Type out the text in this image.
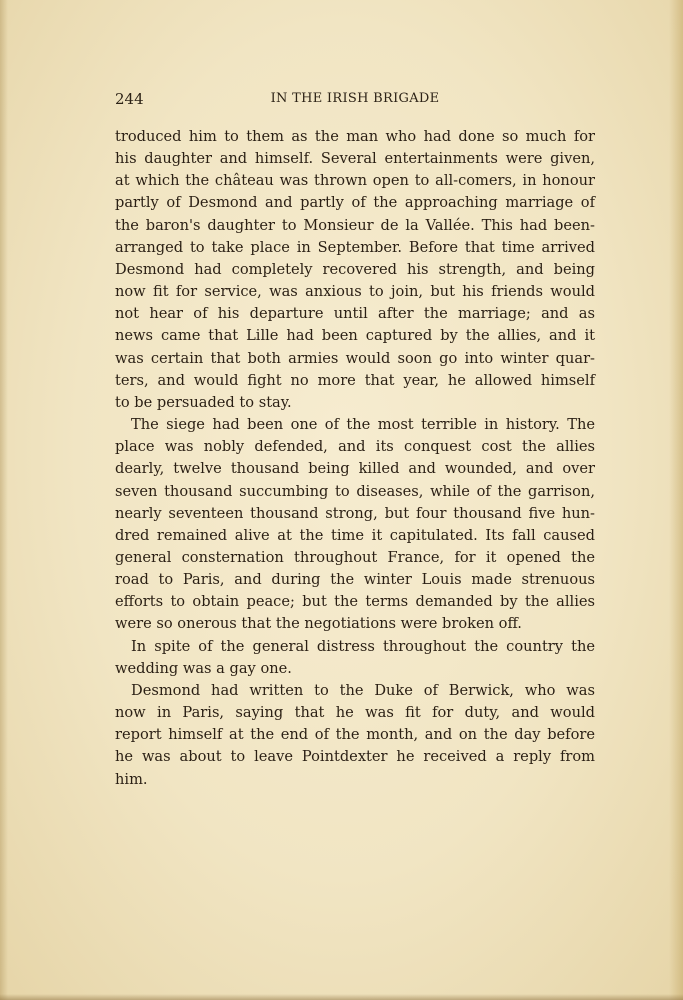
244	IN THE IRISH BRIGADE

troduced him to them as the man who had done so much for

his daughter and himself. Several entertainments were given,

at which the château was thrown open to all-comers, in honour

partly of Desmond and partly of the approaching marriage of

the baron's daughter to Monsieur de la Vallée. This had been-

arranged to take place in September. Before that time arrived

Desmond had completely recovered his strength, and being

now fit for service, was anxious to join, but his friends would

not hear of his departure until after the marriage; and as

news came that Lille had been captured by the allies, and it

was certain that both armies would soon go into winter quar-

ters, and would fight no more that year, he allowed himself

to be persuaded to stay.

The siege had been one of the most terrible in history. The

place was nobly defended, and its conquest cost the allies

dearly, twelve thousand being killed and wounded, and over

seven thousand succumbing to diseases, while of the garrison,

nearly seventeen thousand strong, but four thousand five hun-

dred remained alive at the time it capitulated. Its fall caused

general consternation throughout France, for it opened the

road to Paris, and during the winter Louis made strenuous

efforts to obtain peace; but the terms demanded by the allies

were so onerous that the negotiations were broken off.

In spite of the general distress throughout the country the

wedding was a gay one.

Desmond had written to the Duke of Berwick, who was

now in Paris, saying that he was fit for duty, and would

report himself at the end of the month, and on the day before

he was about to leave Pointdexter he received a reply from

him.
